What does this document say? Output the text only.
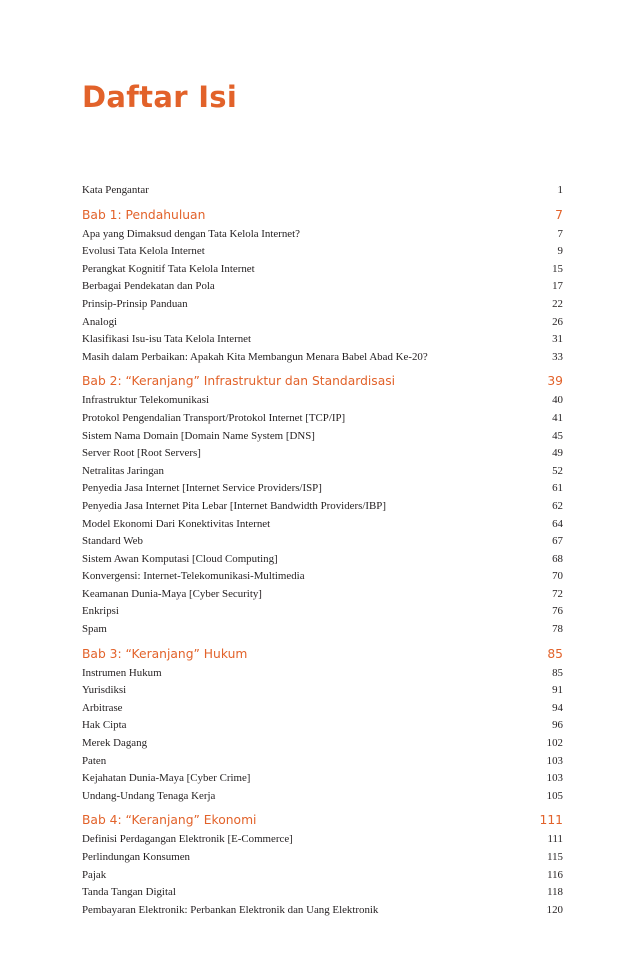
Daftar Isi
Kata Pengantar . . .	1
Bab 1: Pendahuluan . . .	7
Apa yang Dimaksud dengan Tata Kelola Internet? . . .	7
Evolusi Tata Kelola Internet . . .	9
Perangkat Kognitif Tata Kelola Internet . . .	15
Berbagai Pendekatan dan Pola . . .	17
Prinsip-Prinsip Panduan . . .	22
Analogi . . .	26
Klasifikasi Isu-isu Tata Kelola Internet . . .	31
Masih dalam Perbaikan: Apakah Kita Membangun Menara Babel Abad Ke-20? . . .	33
Bab 2: “Keranjang” Infrastruktur dan Standardisasi . . .	39
Infrastruktur Telekomunikasi . . .	40
Protokol Pengendalian Transport/Protokol Internet [TCP/IP] . . .	41
Sistem Nama Domain [Domain Name System [DNS] . . .	45
Server Root [Root Servers] . . .	49
Netralitas Jaringan . . .	52
Penyedia Jasa Internet [Internet Service Providers/ISP] . . .	61
Penyedia Jasa Internet Pita Lebar [Internet Bandwidth Providers/IBP] . . .	62
Model Ekonomi Dari Konektivitas Internet . . .	64
Standard Web . . .	67
Sistem Awan Komputasi [Cloud Computing] . . .	68
Konvergensi: Internet-Telekomunikasi-Multimedia . . .	70
Keamanan Dunia-Maya [Cyber Security] . . .	72
Enkripsi . . .	76
Spam . . .	78
Bab 3: “Keranjang” Hukum . . .	85
Instrumen Hukum . . .	85
Yurisdiksi . . .	91
Arbitrase . . .	94
Hak Cipta . . .	96
Merek Dagang . . .	102
Paten . . .	103
Kejahatan Dunia-Maya [Cyber Crime] . . .	103
Undang-Undang Tenaga Kerja . . .	105
Bab 4: “Keranjang” Ekonomi . . .	111
Definisi Perdagangan Elektronik [E-Commerce] . . .	111
Perlindungan Konsumen . . .	115
Pajak . . .	116
Tanda Tangan Digital . . .	118
Pembayaran Elektronik: Perbankan Elektronik dan Uang Elektronik . . .	120
